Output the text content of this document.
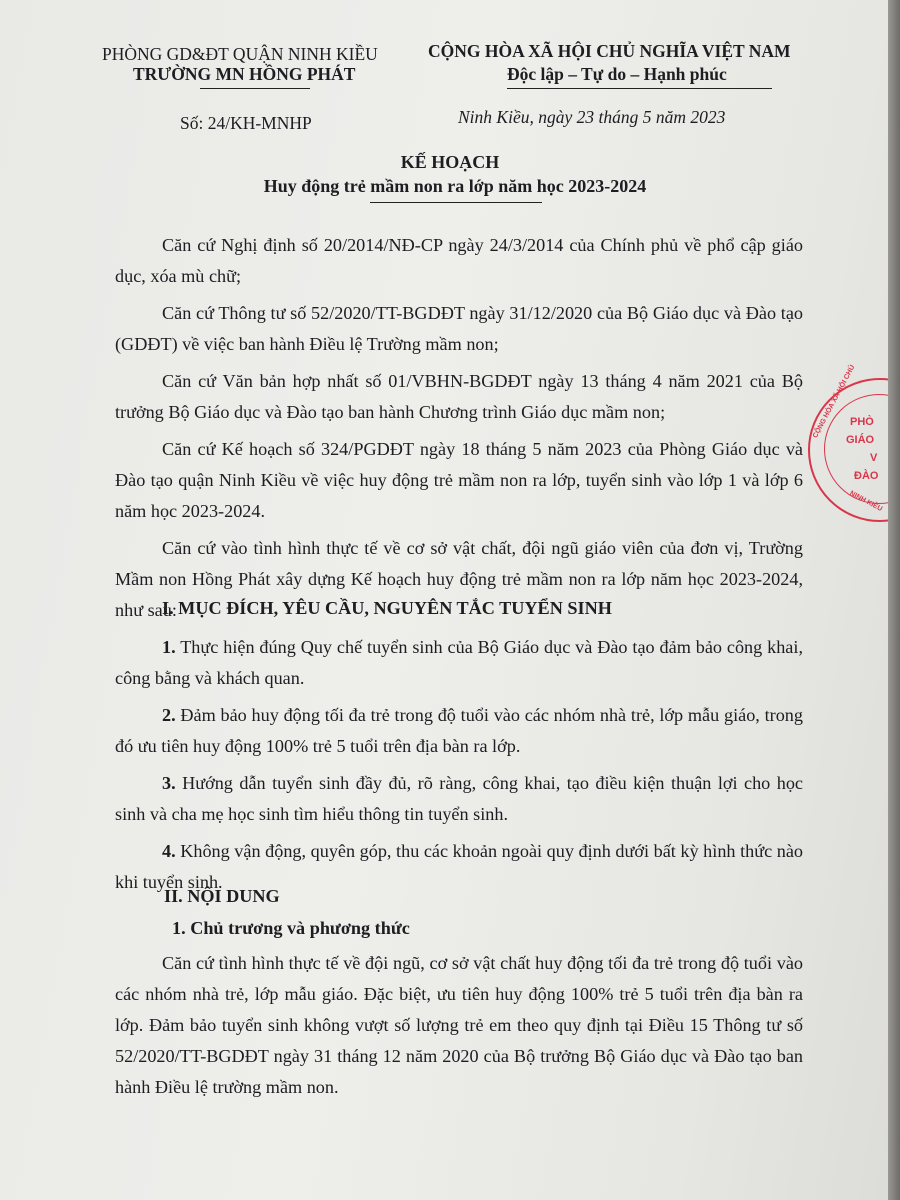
PHÒNG GD&ĐT QUẬN NINH KIỀU
TRƯỜNG MN HỒNG PHÁT
CỘNG HÒA XÃ HỘI CHỦ NGHĨA VIỆT NAM
Độc lập – Tự do – Hạnh phúc
Số: 24/KH-MNHP	Ninh Kiều, ngày 23 tháng 5 năm 2023
KẾ HOẠCH
Huy động trẻ mầm non ra lớp năm học 2023-2024

Căn cứ Nghị định số 20/2014/NĐ-CP ngày 24/3/2014 của Chính phủ về phổ cập giáo dục, xóa mù chữ;

Căn cứ Thông tư số 52/2020/TT-BGDĐT ngày 31/12/2020 của Bộ Giáo dục và Đào tạo (GDĐT) về việc ban hành Điều lệ Trường mầm non;

Căn cứ Văn bản hợp nhất số 01/VBHN-BGDĐT ngày 13 tháng 4 năm 2021 của Bộ trưởng Bộ Giáo dục và Đào tạo ban hành Chương trình Giáo dục mầm non;

Căn cứ Kế hoạch số 324/PGDĐT ngày 18 tháng 5 năm 2023 của Phòng Giáo dục và Đào tạo quận Ninh Kiều về việc huy động trẻ mầm non ra lớp, tuyển sinh vào lớp 1 và lớp 6 năm học 2023-2024.

Căn cứ vào tình hình thực tế về cơ sở vật chất, đội ngũ giáo viên của đơn vị, Trường Mầm non Hồng Phát xây dựng Kế hoạch huy động trẻ mầm non ra lớp năm học 2023-2024, như sau:

I. MỤC ĐÍCH, YÊU CẦU, NGUYÊN TẮC TUYỂN SINH

1. Thực hiện đúng Quy chế tuyển sinh của Bộ Giáo dục và Đào tạo đảm bảo công khai, công bằng và khách quan.

2. Đảm bảo huy động tối đa trẻ trong độ tuổi vào các nhóm nhà trẻ, lớp mẫu giáo, trong đó ưu tiên huy động 100% trẻ 5 tuổi trên địa bàn ra lớp.

3. Hướng dẫn tuyển sinh đầy đủ, rõ ràng, công khai, tạo điều kiện thuận lợi cho học sinh và cha mẹ học sinh tìm hiểu thông tin tuyển sinh.

4. Không vận động, quyên góp, thu các khoản ngoài quy định dưới bất kỳ hình thức nào khi tuyển sinh.

II. NỘI DUNG
1. Chủ trương và phương thức

Căn cứ tình hình thực tế về đội ngũ, cơ sở vật chất huy động tối đa trẻ trong độ tuổi vào các nhóm nhà trẻ, lớp mẫu giáo. Đặc biệt, ưu tiên huy động 100% trẻ 5 tuổi trên địa bàn ra lớp. Đảm bảo tuyển sinh không vượt số lượng trẻ em theo quy định tại Điều 15 Thông tư số 52/2020/TT-BGDĐT ngày 31 tháng 12 năm 2020 của Bộ trưởng Bộ Giáo dục và Đào tạo ban hành Điều lệ trường mầm non.

PHÒ
GIÁO
V
ĐÀO
CỘNG HÒA XÃ HỘI CHỦ
NINH KIỀU
